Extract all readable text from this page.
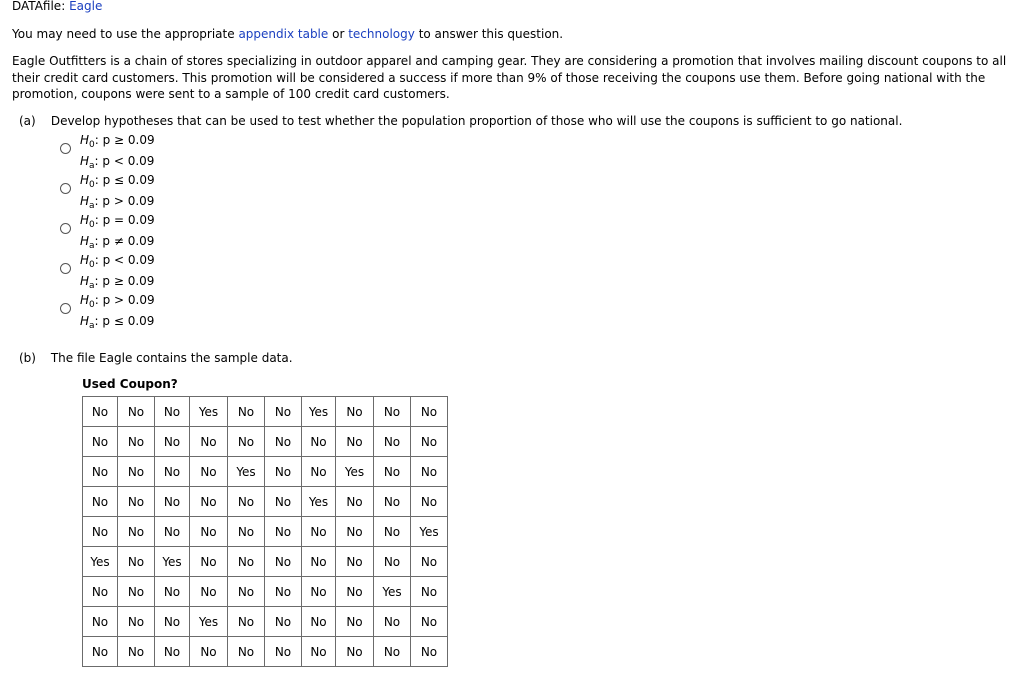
DATAfile: Eagle
You may need to use the appropriate appendix table or technology to answer this question.
Eagle Outfitters is a chain of stores specializing in outdoor apparel and camping gear. They are considering a promotion that involves mailing discount coupons to all their credit card customers. This promotion will be considered a success if more than 9% of those receiving the coupons use them. Before going national with the promotion, coupons were sent to a sample of 100 credit card customers.
(a) Develop hypotheses that can be used to test whether the population proportion of those who will use the coupons is sufficient to go national.
$H_0$: p ≥ 0.09
$H_a$: p < 0.09
$H_0$: p ≤ 0.09
$H_a$: p > 0.09
$H_0$: p = 0.09
$H_a$: p ≠ 0.09
$H_0$: p < 0.09
$H_a$: p ≥ 0.09
$H_0$: p > 0.09
$H_a$: p ≤ 0.09
(b) The file Eagle contains the sample data.
Used Coupon?
No	No	No	Yes	No	No	Yes	No	No	No
No	No	No	No	No	No	No	No	No	No
No	No	No	No	Yes	No	No	Yes	No	No
No	No	No	No	No	No	Yes	No	No	No
No	No	No	No	No	No	No	No	No	Yes
Yes	No	Yes	No	No	No	No	No	No	No
No	No	No	No	No	No	No	No	Yes	No
No	No	No	Yes	No	No	No	No	No	No
No	No	No	No	No	No	No	No	No	No
